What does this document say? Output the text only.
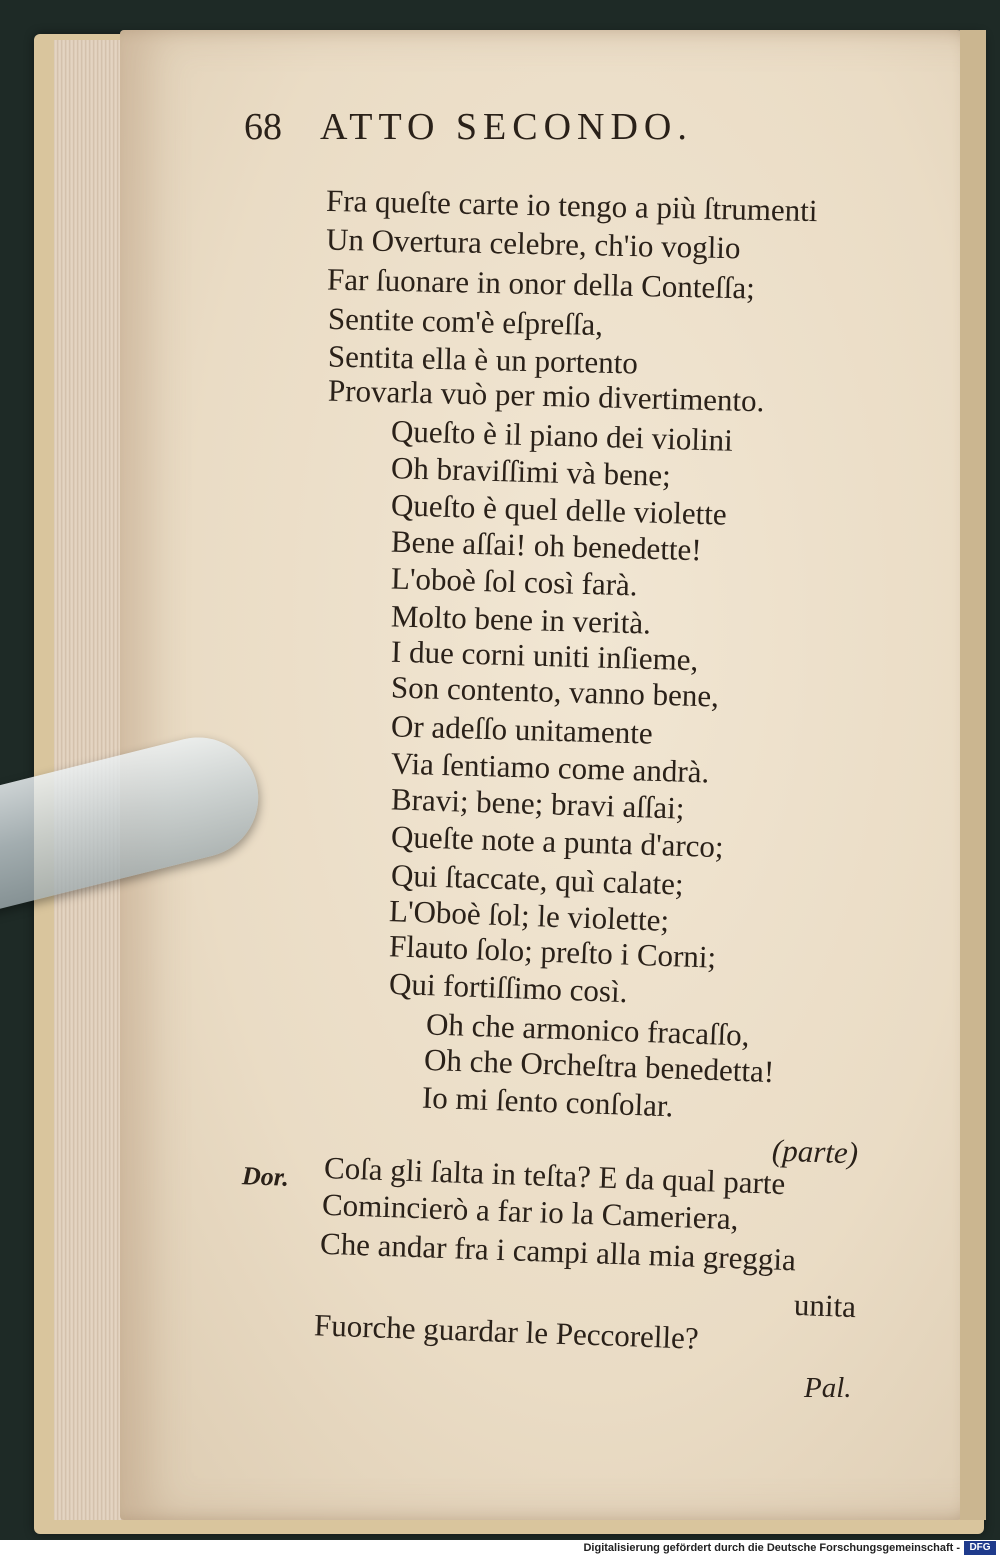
68 ATTO SECONDO.
Fra queſte carte io tengo a più ſtrumenti
Un Overtura celebre, ch'io voglio
Far ſuonare in onor della Conteſſa;
Sentite com'è eſpreſſa,
Sentita ella è un portento
Provarla vuò per mio divertimento.
Queſto è il piano dei violini
Oh braviſſimi và bene;
Queſto è quel delle violette
Bene aſſai! oh benedette!
L'oboè ſol così farà.
Molto bene in verità.
I due corni uniti inſieme,
Son contento, vanno bene,
Or adeſſo unitamente
Via ſentiamo come andrà.
Bravi; bene; bravi aſſai;
Queſte note a punta d'arco;
Qui ſtaccate, quì calate;
L'Oboè ſol; le violette;
Flauto ſolo; preſto i Corni;
Qui fortiſſimo così.
Oh che armonico fracaſſo,
Oh che Orcheſtra benedetta!
Io mi ſento conſolar.
(parte)
Dor. Coſa gli ſalta in teſta? E da qual parte
Comincierò a far io la Cameriera,
Che andar fra i campi alla mia greggia
unita
Fuorche guardar le Peccorelle?
Pal.
Digitalisierung gefördert durch die Deutsche Forschungsgemeinschaft - DFG
